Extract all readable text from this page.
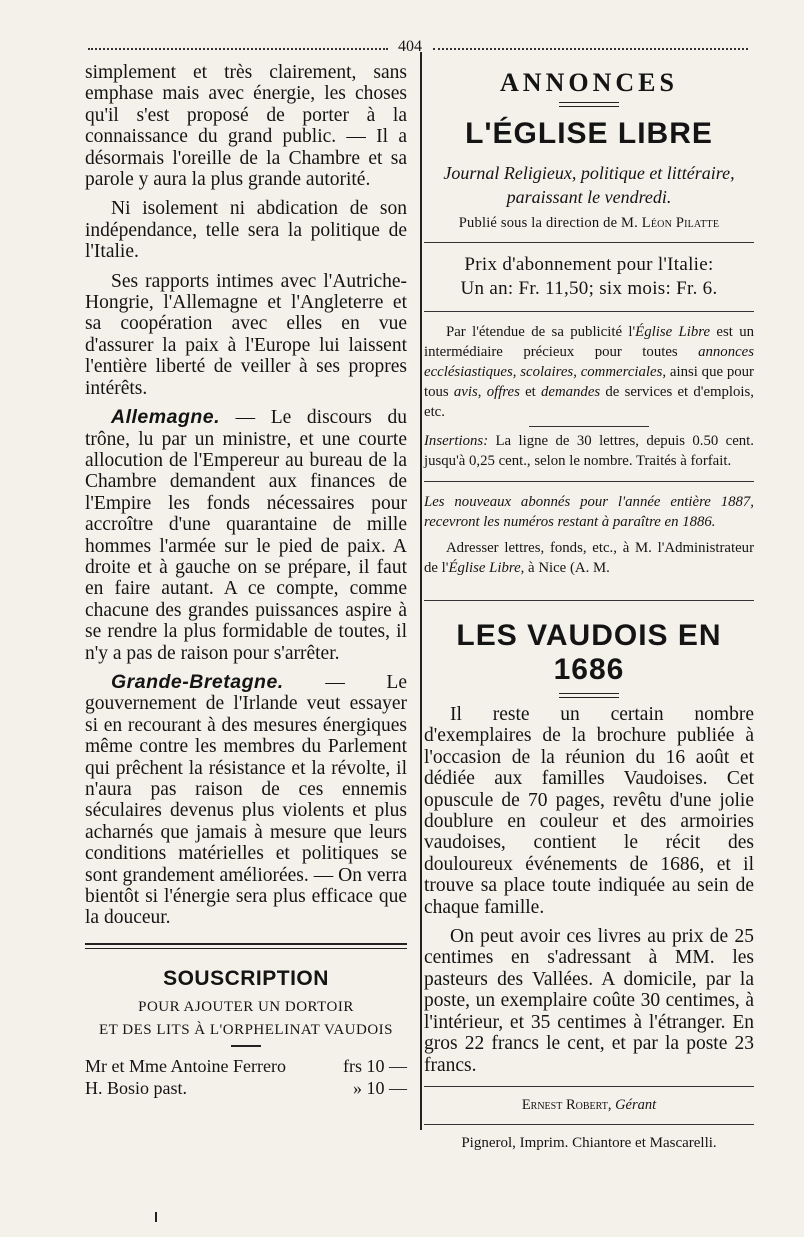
404

simplement et très clairement, sans emphase mais avec énergie, les choses qu'il s'est proposé de porter à la connaissance du grand public. — Il a désormais l'oreille de la Chambre et sa parole y aura la plus grande autorité.

Ni isolement ni abdication de son indépendance, telle sera la politique de l'Italie.

Ses rapports intimes avec l'Autriche-Hongrie, l'Allemagne et l'Angleterre et sa coopération avec elles en vue d'assurer la paix à l'Europe lui laissent l'entière liberté de veiller à ses propres intérêts.

Allemagne. — Le discours du trône, lu par un ministre, et une courte allocution de l'Empereur au bureau de la Chambre demandent aux finances de l'Empire les fonds nécessaires pour accroître d'une quarantaine de mille hommes l'armée sur le pied de paix. A droite et à gauche on se prépare, il faut en faire autant. A ce compte, comme chacune des grandes puissances aspire à se rendre la plus formidable de toutes, il n'y a pas de raison pour s'arrêter.

Grande-Bretagne. — Le gouvernement de l'Irlande veut essayer si en recourant à des mesures énergiques même contre les membres du Parlement qui prêchent la résistance et la révolte, il n'aura pas raison de ces ennemis séculaires devenus plus violents et plus acharnés que jamais à mesure que leurs conditions matérielles et politiques se sont grandement améliorées. — On verra bientôt si l'énergie sera plus efficace que la douceur.

SOUSCRIPTION
POUR AJOUTER UN DORTOIR
ET DES LITS À L'ORPHELINAT VAUDOIS
Mr et Mme Antoine Ferrero	frs 10 —
H. Bosio past.	» 10 —
ANNONCES
L'ÉGLISE LIBRE
Journal Religieux, politique et littéraire,
paraissant le vendredi.
Publié sous la direction de M. Léon Pilatte
Prix d'abonnement pour l'Italie:
Un an: Fr. 11,50; six mois: Fr. 6.

Par l'étendue de sa publicité l'Église Libre est un intermédiaire précieux pour toutes annonces ecclésiastiques, scolaires, commerciales, ainsi que pour tous avis, offres et demandes de services et d'emplois, etc.

Insertions: La ligne de 30 lettres, depuis 0.50 cent. jusqu'à 0,25 cent., selon le nombre. Traités à forfait.

Les nouveaux abonnés pour l'année entière 1887, recevront les numéros restant à paraître en 1886.

Adresser lettres, fonds, etc., à M. l'Administrateur de l'Église Libre, à Nice (A. M.

LES VAUDOIS EN 1686

Il reste un certain nombre d'exemplaires de la brochure publiée à l'occasion de la réunion du 16 août et dédiée aux familles Vaudoises. Cet opuscule de 70 pages, revêtu d'une jolie doublure en couleur et des armoiries vaudoises, contient le récit des douloureux événements de 1686, et il trouve sa place toute indiquée au sein de chaque famille.

On peut avoir ces livres au prix de 25 centimes en s'adressant à MM. les pasteurs des Vallées. A domicile, par la poste, un exemplaire coûte 30 centimes, à l'intérieur, et 35 centimes à l'étranger. En gros 22 francs le cent, et par la poste 23 francs.

Ernest Robert, Gérant
Pignerol, Imprim. Chiantore et Mascarelli.
